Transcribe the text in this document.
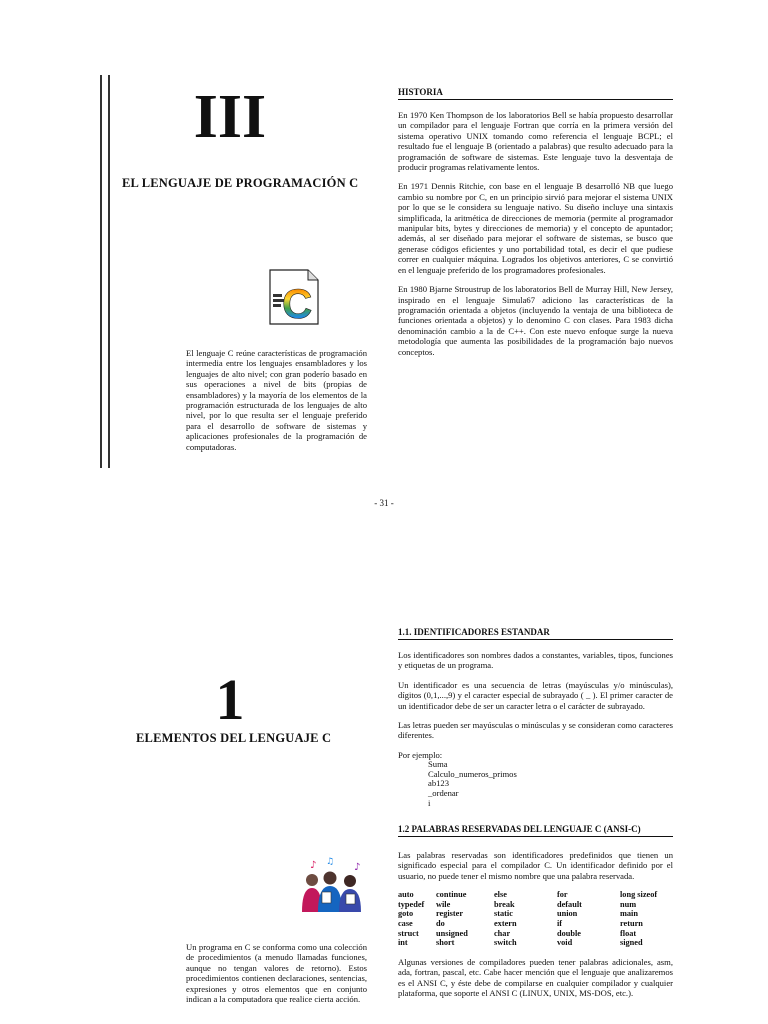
III
EL LENGUAJE DE PROGRAMACIÓN C
C
El lenguaje C reúne características de programación intermedia entre los lenguajes ensambladores y los lenguajes de alto nivel; con gran poderío basado en sus operaciones a nivel de bits (propias de ensambladores) y la mayoría de los elementos de la programación estructurada de los lenguajes de alto nivel, por lo que resulta ser el lenguaje preferido para el desarrollo de software de sistemas y aplicaciones profesionales de la programación de computadoras.
HISTORIA

En 1970 Ken Thompson de los laboratorios Bell se había propuesto desarrollar un compilador para el lenguaje Fortran que corría en la primera versión del sistema operativo UNIX tomando como referencia el lenguaje BCPL; el resultado fue el lenguaje B (orientado a palabras) que resulto adecuado para la programación de software de sistemas. Este lenguaje tuvo la desventaja de producir programas relativamente lentos.

En 1971 Dennis Ritchie, con base en el lenguaje B desarrolló NB que luego cambio su nombre por C, en un principio sirvió para mejorar el sistema UNIX por lo que se le considera su lenguaje nativo. Su diseño incluye una sintaxis simplificada, la aritmética de direcciones de memoria (permite al programador manipular bits, bytes y direcciones de memoria) y el concepto de apuntador; además, al ser diseñado para mejorar el software de sistemas, se busco que generase códigos eficientes y uno portabilidad total, es decir el que pudiese correr en cualquier máquina. Logrados los objetivos anteriores, C se convirtió en el lenguaje preferido de los programadores profesionales.

En 1980 Bjarne Stroustrup de los laboratorios Bell de Murray Hill, New Jersey, inspirado en el lenguaje Simula67 adiciono las características de la programación orientada a objetos (incluyendo la ventaja de una biblioteca de funciones orientada a objetos) y lo denomino C con clases. Para 1983 dicha denominación cambio a la de C++. Con este nuevo enfoque surge la nueva metodología que aumenta las posibilidades de la programación bajo nuevos conceptos.

- 31 -
1
ELEMENTOS DEL LENGUAJE C
♪ ♫ ♪
Un programa en C se conforma como una colección de procedimientos (a menudo llamadas funciones, aunque no tengan valores de retorno). Estos procedimientos contienen declaraciones, sentencias, expresiones y otros elementos que en conjunto indican a la computadora que realice cierta acción.
1.1. IDENTIFICADORES ESTANDAR

Los identificadores son nombres dados a constantes, variables, tipos, funciones y etiquetas de un programa.

Un identificador es una secuencia de letras (mayúsculas y/o minúsculas), dígitos (0,1,...,9) y el caracter especial de subrayado ( _ ). El primer caracter de un identificador debe de ser un caracter letra o el carácter de subrayado.

Las letras pueden ser mayúsculas o minúsculas y se consideran como caracteres diferentes.

Por ejemplo:
Suma
Calculo_numeros_primos
ab123
_ordenar
i
1.2 PALABRAS RESERVADAS DEL LENGUAJE C (ANSI-C)

Las palabras reservadas son identificadores predefinidos que tienen un significado especial para el compilador C. Un identificador definido por el usuario, no puede tener el mismo nombre que una palabra reservada.

auto	continue	else	for	long sizeof
typedef	wile	break	default	num
goto	register	static	union	main
case	do	extern	if	return
struct	unsigned	char	double	float
int	short	switch	void	signed

Algunas versiones de compiladores pueden tener palabras adicionales, asm, ada, fortran, pascal, etc. Cabe hacer mención que el lenguaje que analizaremos es el ANSI C, y éste debe de compilarse en cualquier compilador y cualquier plataforma, que soporte el ANSI C (LINUX, UNIX, MS-DOS, etc.).
